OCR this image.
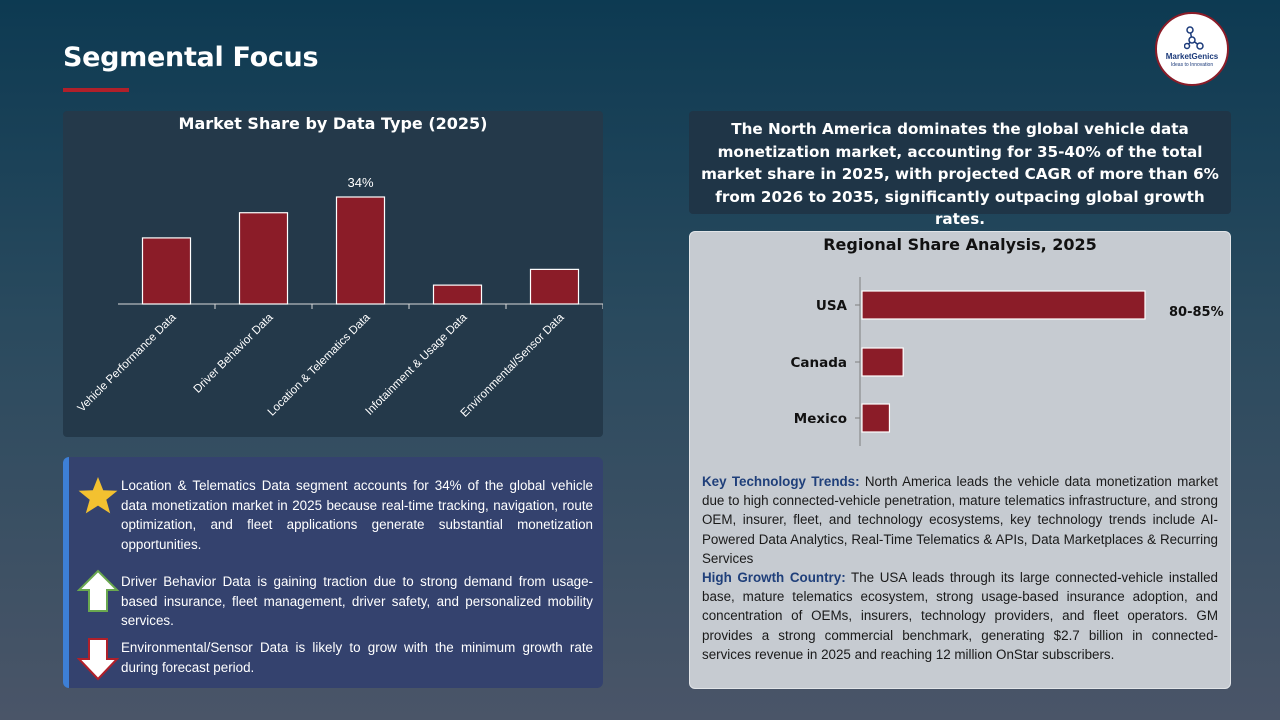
Segmental Focus	MarketGenics
Ideas to Innovation
Vehicle Performance Data Driver Behavior Data
34%
Location & Telematics Data
Infotainment & Usage Data
Environmental/Sensor Data
Market Share by Data Type (2025)
Location & Telematics Data segment accounts for 34% of the global vehicle data monetization market in 2025 because real-time tracking, navigation, route optimization, and fleet applications generate substantial monetization opportunities.
Driver Behavior Data is gaining traction due to strong demand from usage-based insurance, fleet management, driver safety, and personalized mobility services.
Environmental/Sensor Data is likely to grow with the minimum growth rate during forecast period.
The North America dominates the global vehicle data monetization market, accounting for 35-40% of the total market share in 2025, with projected CAGR of more than 6% from 2026 to 2035, significantly outpacing global growth rates.
USA	80-85%
Canada
Mexico
Regional Share Analysis, 2025
Key Technology Trends: North America leads the vehicle data monetization market due to high connected-vehicle penetration, mature telematics infrastructure, and strong OEM, insurer, fleet, and technology ecosystems, key technology trends include AI-Powered Data Analytics, Real-Time Telematics & APIs, Data Marketplaces & Recurring Services
High Growth Country: The USA leads through its large connected-vehicle installed base, mature telematics ecosystem, strong usage-based insurance adoption, and concentration of OEMs, insurers, technology providers, and fleet operators. GM provides a strong commercial benchmark, generating $2.7 billion in connected-services revenue in 2025 and reaching 12 million OnStar subscribers.
